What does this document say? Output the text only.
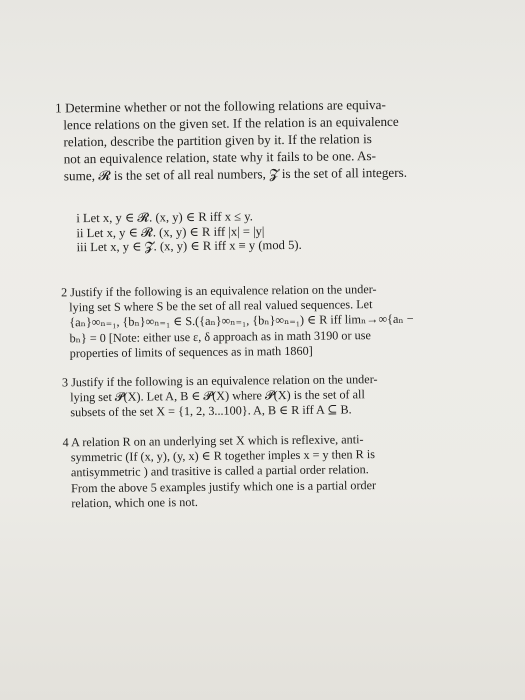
1 Determine whether or not the following relations are equiva-
lence relations on the given set. If the relation is an equivalence
relation, describe the partition given by it. If the relation is
not an equivalence relation, state why it fails to be one. As-
sume, 𝓡 is the set of all real numbers, 𝓩 is the set of all integers.
i Let x, y ∈ 𝓡. (x, y) ∈ R iff x ≤ y.
ii Let x, y ∈ 𝓡. (x, y) ∈ R iff |x| = |y|
iii Let x, y ∈ 𝓩. (x, y) ∈ R iff x ≡ y (mod 5).
2 Justify if the following is an equivalence relation on the under-
lying set S where S be the set of all real valued sequences. Let
{aₙ}∞ₙ₌₁, {bₙ}∞ₙ₌₁ ∈ S.({aₙ}∞ₙ₌₁, {bₙ}∞ₙ₌₁) ∈ R iff limₙ→∞{aₙ −
bₙ} = 0 [Note: either use ε, δ approach as in math 3190 or use
properties of limits of sequences as in math 1860]
3 Justify if the following is an equivalence relation on the under-
lying set 𝓟(X). Let A, B ∈ 𝓟(X) where 𝓟(X) is the set of all
subsets of the set X = {1, 2, 3...100}. A, B ∈ R iff A ⊆ B.
4 A relation R on an underlying set X which is reflexive, anti-
symmetric (If (x, y), (y, x) ∈ R together imples x = y then R is
antisymmetric ) and trasitive is called a partial order relation.
From the above 5 examples justify which one is a partial order
relation, which one is not.
